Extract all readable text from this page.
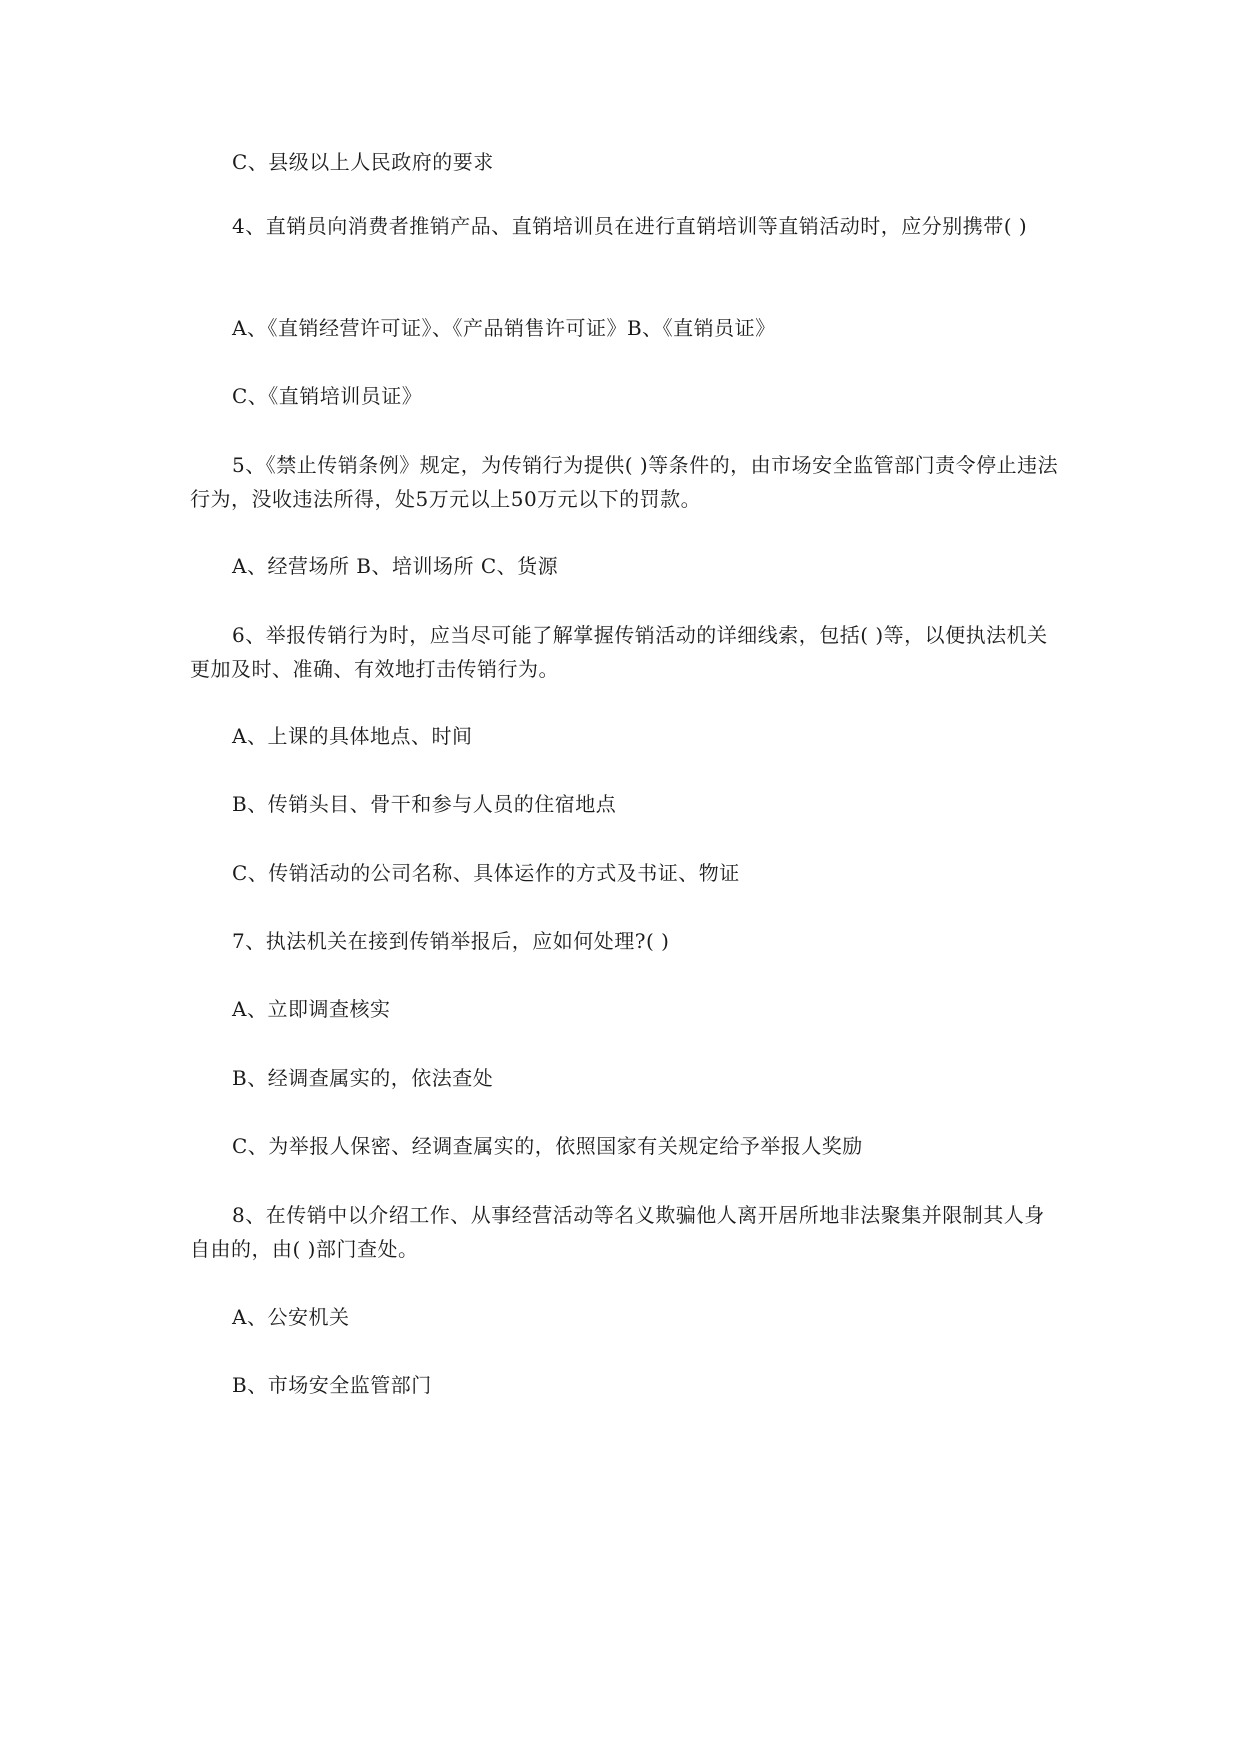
C、县级以上人民政府的要求

4、直销员向消费者推销产品、直销培训员在进行直销培训等直销活动时，应分别携带( )

A、《直销经营许可证》、《产品销售许可证》B、《直销员证》

C、《直销培训员证》

5、《禁止传销条例》规定，为传销行为提供( )等条件的，由市场安全监管部门责令停止违法行为，没收违法所得，处5万元以上50万元以下的罚款。

A、经营场所 B、培训场所 C、货源

6、举报传销行为时，应当尽可能了解掌握传销活动的详细线索，包括( )等，以便执法机关更加及时、准确、有效地打击传销行为。

A、上课的具体地点、时间

B、传销头目、骨干和参与人员的住宿地点

C、传销活动的公司名称、具体运作的方式及书证、物证

7、执法机关在接到传销举报后，应如何处理?( )

A、立即调查核实

B、经调查属实的，依法查处

C、为举报人保密、经调查属实的，依照国家有关规定给予举报人奖励

8、在传销中以介绍工作、从事经营活动等名义欺骗他人离开居所地非法聚集并限制其人身自由的，由( )部门查处。

A、公安机关

B、市场安全监管部门
